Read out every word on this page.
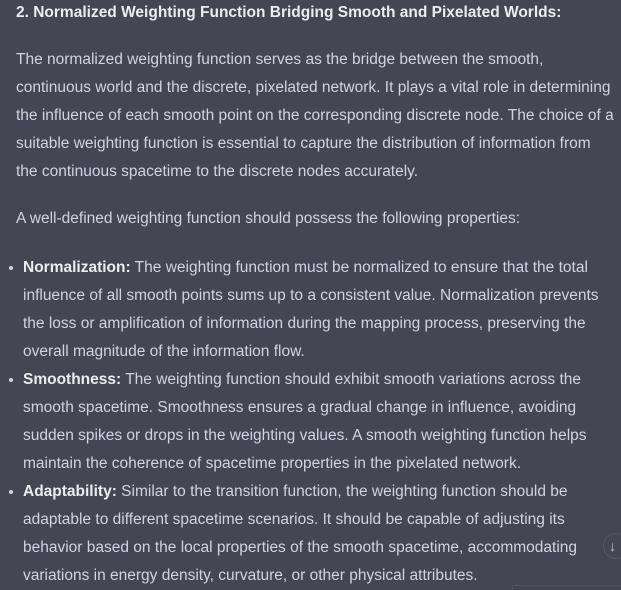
2. Normalized Weighting Function Bridging Smooth and Pixelated Worlds:

The normalized weighting function serves as the bridge between the smooth, continuous world and the discrete, pixelated network. It plays a vital role in determining the influence of each smooth point on the corresponding discrete node. The choice of a suitable weighting function is essential to capture the distribution of information from the continuous spacetime to the discrete nodes accurately.

A well-defined weighting function should possess the following properties:

Normalization: The weighting function must be normalized to ensure that the total influence of all smooth points sums up to a consistent value. Normalization prevents the loss or amplification of information during the mapping process, preserving the overall magnitude of the information flow.
Smoothness: The weighting function should exhibit smooth variations across the smooth spacetime. Smoothness ensures a gradual change in influence, avoiding sudden spikes or drops in the weighting values. A smooth weighting function helps maintain the coherence of spacetime properties in the pixelated network.
Adaptability: Similar to the transition function, the weighting function should be adaptable to different spacetime scenarios. It should be capable of adjusting its behavior based on the local properties of the smooth spacetime, accommodating variations in energy density, curvature, or other physical attributes.
↓
